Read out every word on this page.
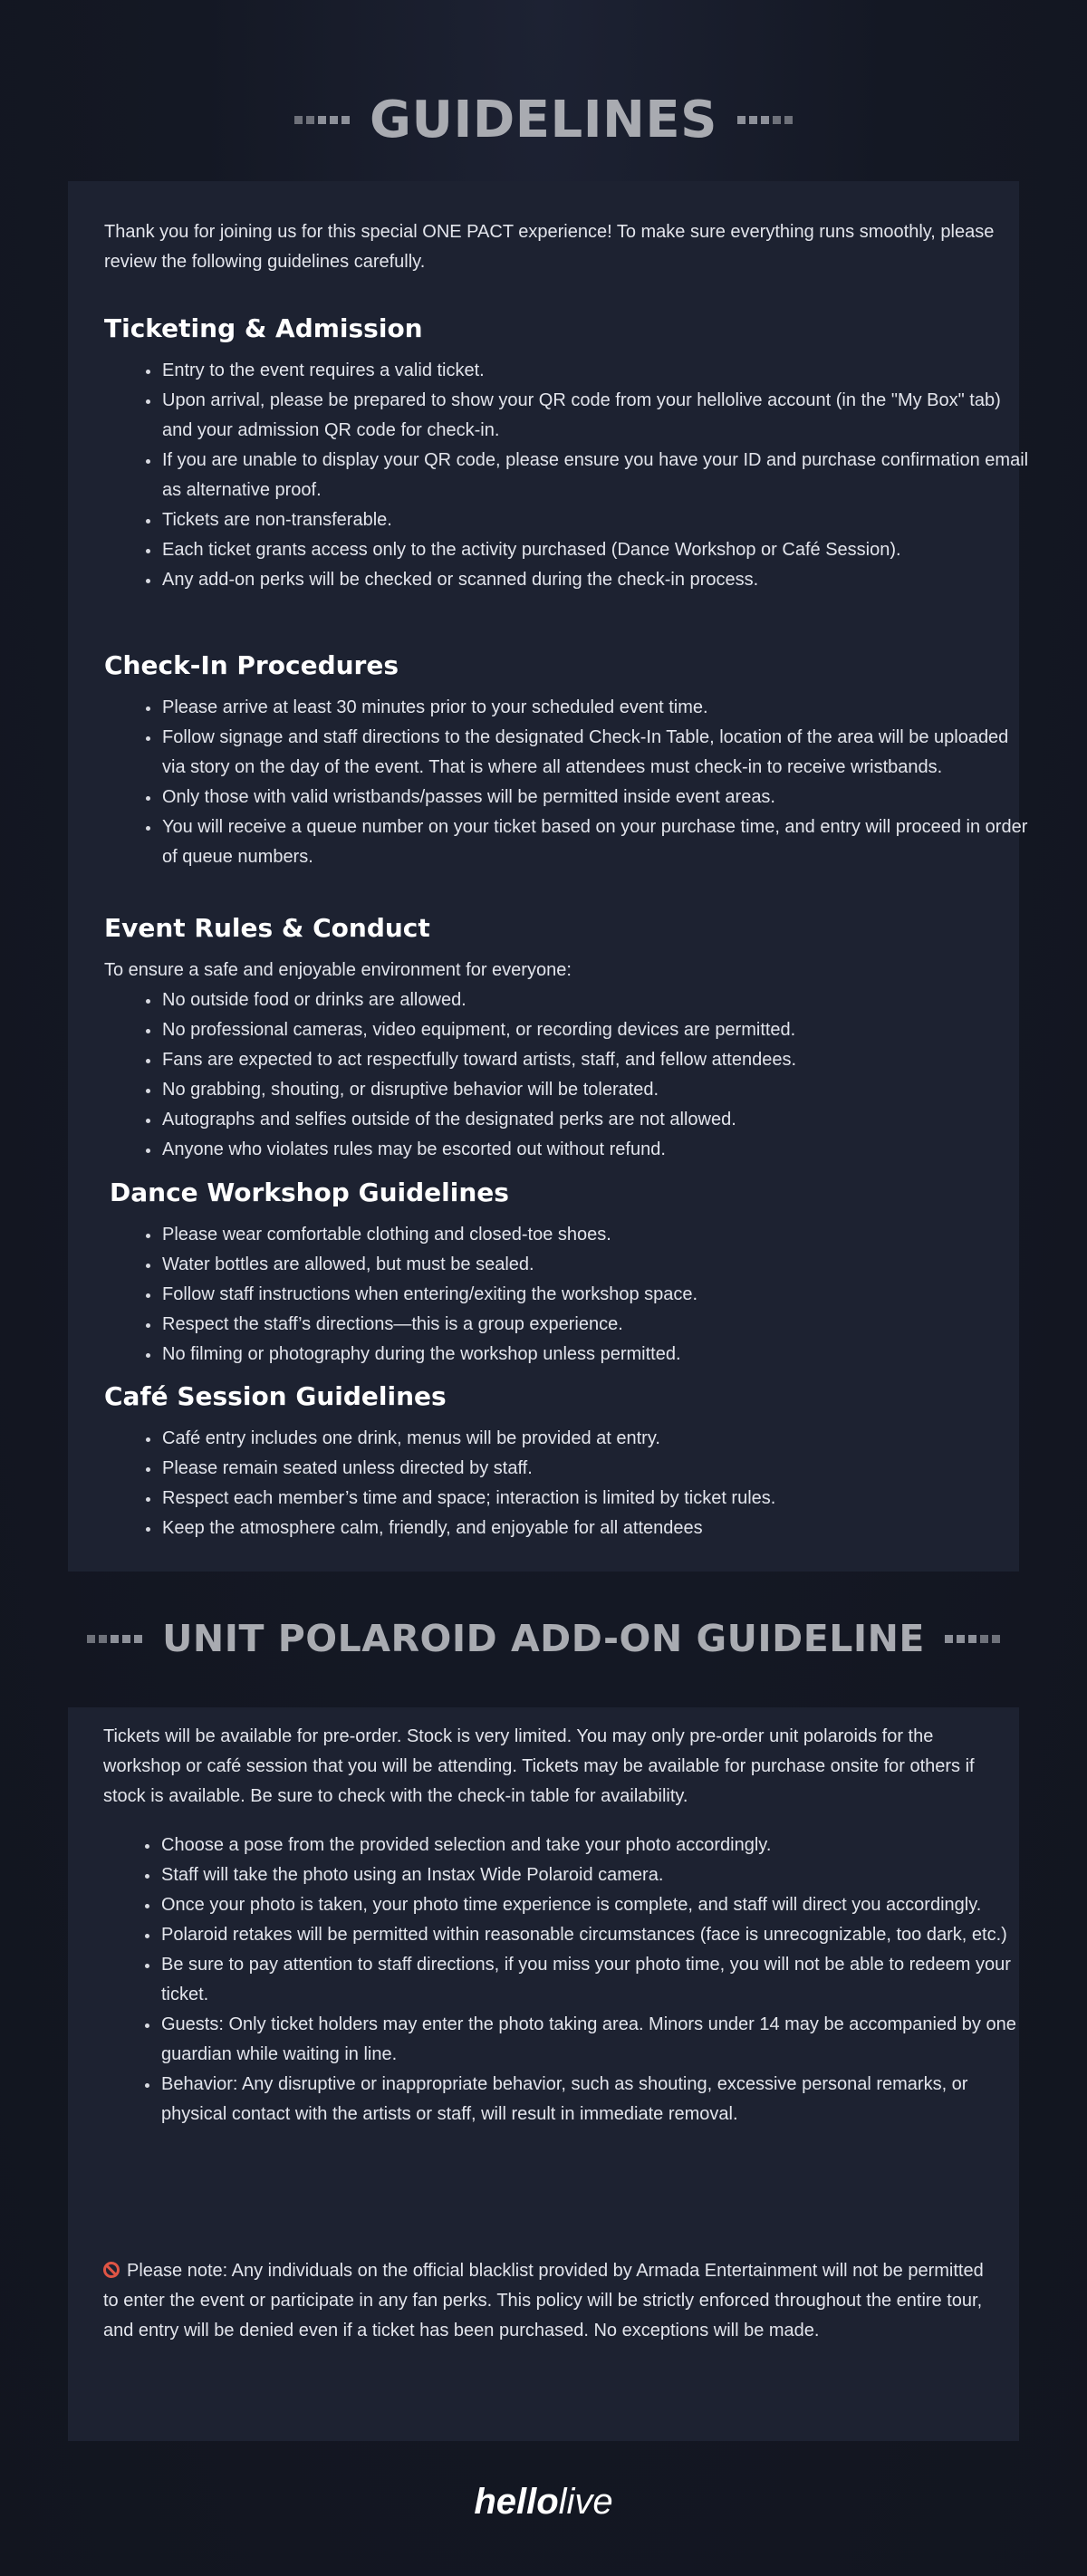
GUIDELINES

Thank you for joining us for this special ONE PACT experience! To make sure everything runs smoothly, please review the following guidelines carefully.

Ticketing & Admission
Entry to the event requires a valid ticket.
Upon arrival, please be prepared to show your QR code from your hellolive account (in the "My Box" tab) and your admission QR code for check-in.
If you are unable to display your QR code, please ensure you have your ID and purchase confirmation email as alternative proof.
Tickets are non-transferable.
Each ticket grants access only to the activity purchased (Dance Workshop or Café Session).
Any add-on perks will be checked or scanned during the check-in process.
Check-In Procedures
Please arrive at least 30 minutes prior to your scheduled event time.
Follow signage and staff directions to the designated Check-In Table, location of the area will be uploaded via story on the day of the event. That is where all attendees must check-in to receive wristbands.
Only those with valid wristbands/passes will be permitted inside event areas.
You will receive a queue number on your ticket based on your purchase time, and entry will proceed in order of queue numbers.
Event Rules & Conduct

To ensure a safe and enjoyable environment for everyone:

No outside food or drinks are allowed.
No professional cameras, video equipment, or recording devices are permitted.
Fans are expected to act respectfully toward artists, staff, and fellow attendees.
No grabbing, shouting, or disruptive behavior will be tolerated.
Autographs and selfies outside of the designated perks are not allowed.
Anyone who violates rules may be escorted out without refund.
Dance Workshop Guidelines
Please wear comfortable clothing and closed-toe shoes.
Water bottles are allowed, but must be sealed.
Follow staff instructions when entering/exiting the workshop space.
Respect the staff’s directions—this is a group experience.
No filming or photography during the workshop unless permitted.
Café Session Guidelines
Café entry includes one drink, menus will be provided at entry.
Please remain seated unless directed by staff.
Respect each member’s time and space; interaction is limited by ticket rules.
Keep the atmosphere calm, friendly, and enjoyable for all attendees
UNIT POLAROID ADD-ON GUIDELINE

Tickets will be available for pre-order. Stock is very limited. You may only pre-order unit polaroids for the workshop or café session that you will be attending. Tickets may be available for purchase onsite for others if stock is available. Be sure to check with the check-in table for availability.

Choose a pose from the provided selection and take your photo accordingly.
Staff will take the photo using an Instax Wide Polaroid camera.
Once your photo is taken, your photo time experience is complete, and staff will direct you accordingly.
Polaroid retakes will be permitted within reasonable circumstances (face is unrecognizable, too dark, etc.)
Be sure to pay attention to staff directions, if you miss your photo time, you will not be able to redeem your ticket.
Guests: Only ticket holders may enter the photo taking area. Minors under 14 may be accompanied by one guardian while waiting in line.
Behavior: Any disruptive or inappropriate behavior, such as shouting, excessive personal remarks, or physical contact with the artists or staff, will result in immediate removal.

Please note: Any individuals on the official blacklist provided by Armada Entertainment will not be permitted to enter the event or participate in any fan perks. This policy will be strictly enforced throughout the entire tour, and entry will be denied even if a ticket has been purchased. No exceptions will be made.

hellolive
